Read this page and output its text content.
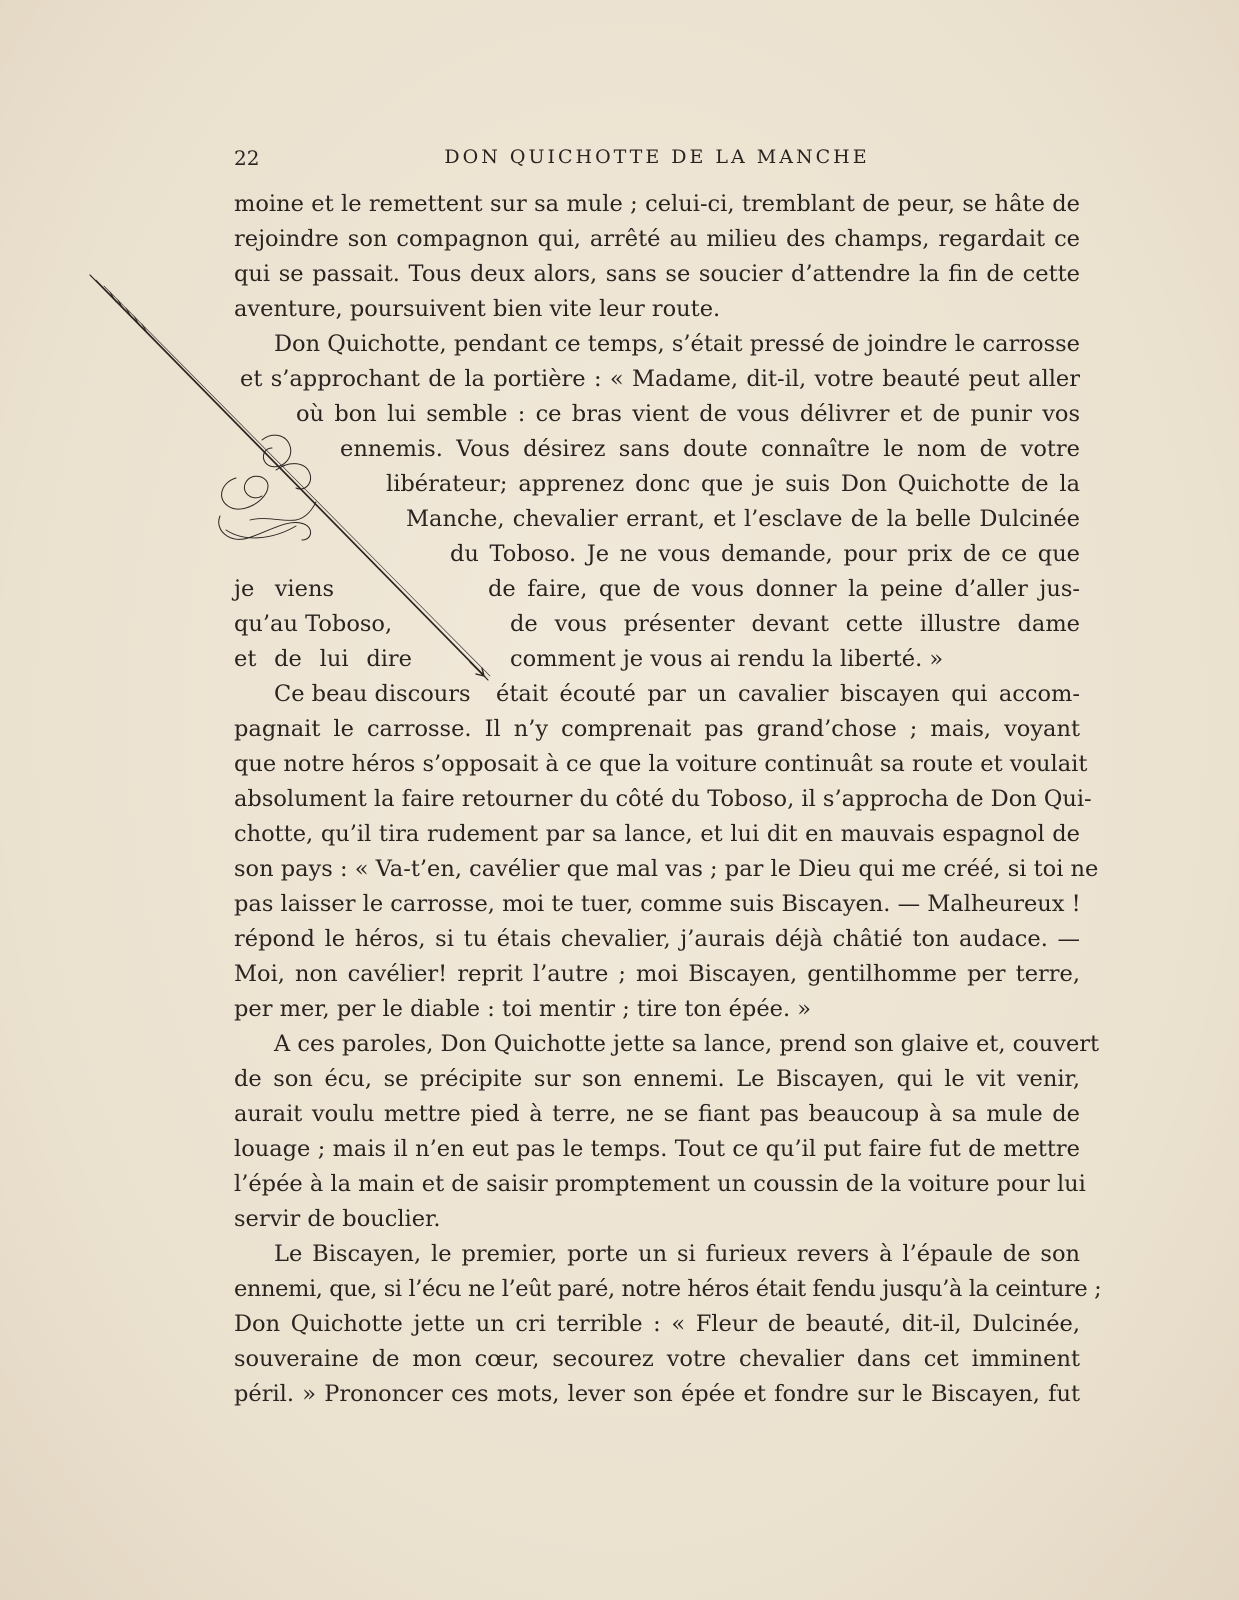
22	DON QUICHOTTE DE LA MANCHE
moine et le remettent sur sa mule ; celui-ci, tremblant de peur, se hâte de
rejoindre son compagnon qui, arrêté au milieu des champs, regardait ce
qui se passait. Tous deux alors, sans se soucier d’attendre la fin de cette
aventure, poursuivent bien vite leur route.
Don Quichotte, pendant ce temps, s’était pressé de joindre le carrosse
et s’approchant de la portière : « Madame, dit-il, votre beauté peut aller
où bon lui semble : ce bras vient de vous délivrer et de punir vos
ennemis. Vous désirez sans doute connaître le nom de votre
libérateur; apprenez donc que je suis Don Quichotte de la
Manche, chevalier errant, et l’esclave de la belle Dulcinée
du Toboso. Je ne vous demande, pour prix de ce que
je viens	de faire, que de vous donner la peine d’aller jus-
qu’au Toboso,	de vous présenter devant cette illustre dame
et de lui dire	comment je vous ai rendu la liberté. »
Ce beau discours était écouté par un cavalier biscayen qui accom-
pagnait le carrosse. Il n’y comprenait pas grand’chose ; mais, voyant
que notre héros s’opposait à ce que la voiture continuât sa route et voulait
absolument la faire retourner du côté du Toboso, il s’approcha de Don Qui-
chotte, qu’il tira rudement par sa lance, et lui dit en mauvais espagnol de
son pays : « Va-t’en, cavélier que mal vas ; par le Dieu qui me créé, si toi ne
pas laisser le carrosse, moi te tuer, comme suis Biscayen. — Malheureux !
répond le héros, si tu étais chevalier, j’aurais déjà châtié ton audace. —
Moi, non cavélier! reprit l’autre ; moi Biscayen, gentilhomme per terre,
per mer, per le diable : toi mentir ; tire ton épée. »
A ces paroles, Don Quichotte jette sa lance, prend son glaive et, couvert
de son écu, se précipite sur son ennemi. Le Biscayen, qui le vit venir,
aurait voulu mettre pied à terre, ne se fiant pas beaucoup à sa mule de
louage ; mais il n’en eut pas le temps. Tout ce qu’il put faire fut de mettre
l’épée à la main et de saisir promptement un coussin de la voiture pour lui
servir de bouclier.
Le Biscayen, le premier, porte un si furieux revers à l’épaule de son
ennemi, que, si l’écu ne l’eût paré, notre héros était fendu jusqu’à la ceinture ;
Don Quichotte jette un cri terrible : « Fleur de beauté, dit-il, Dulcinée,
souveraine de mon cœur, secourez votre chevalier dans cet imminent
péril. » Prononcer ces mots, lever son épée et fondre sur le Biscayen, fut
